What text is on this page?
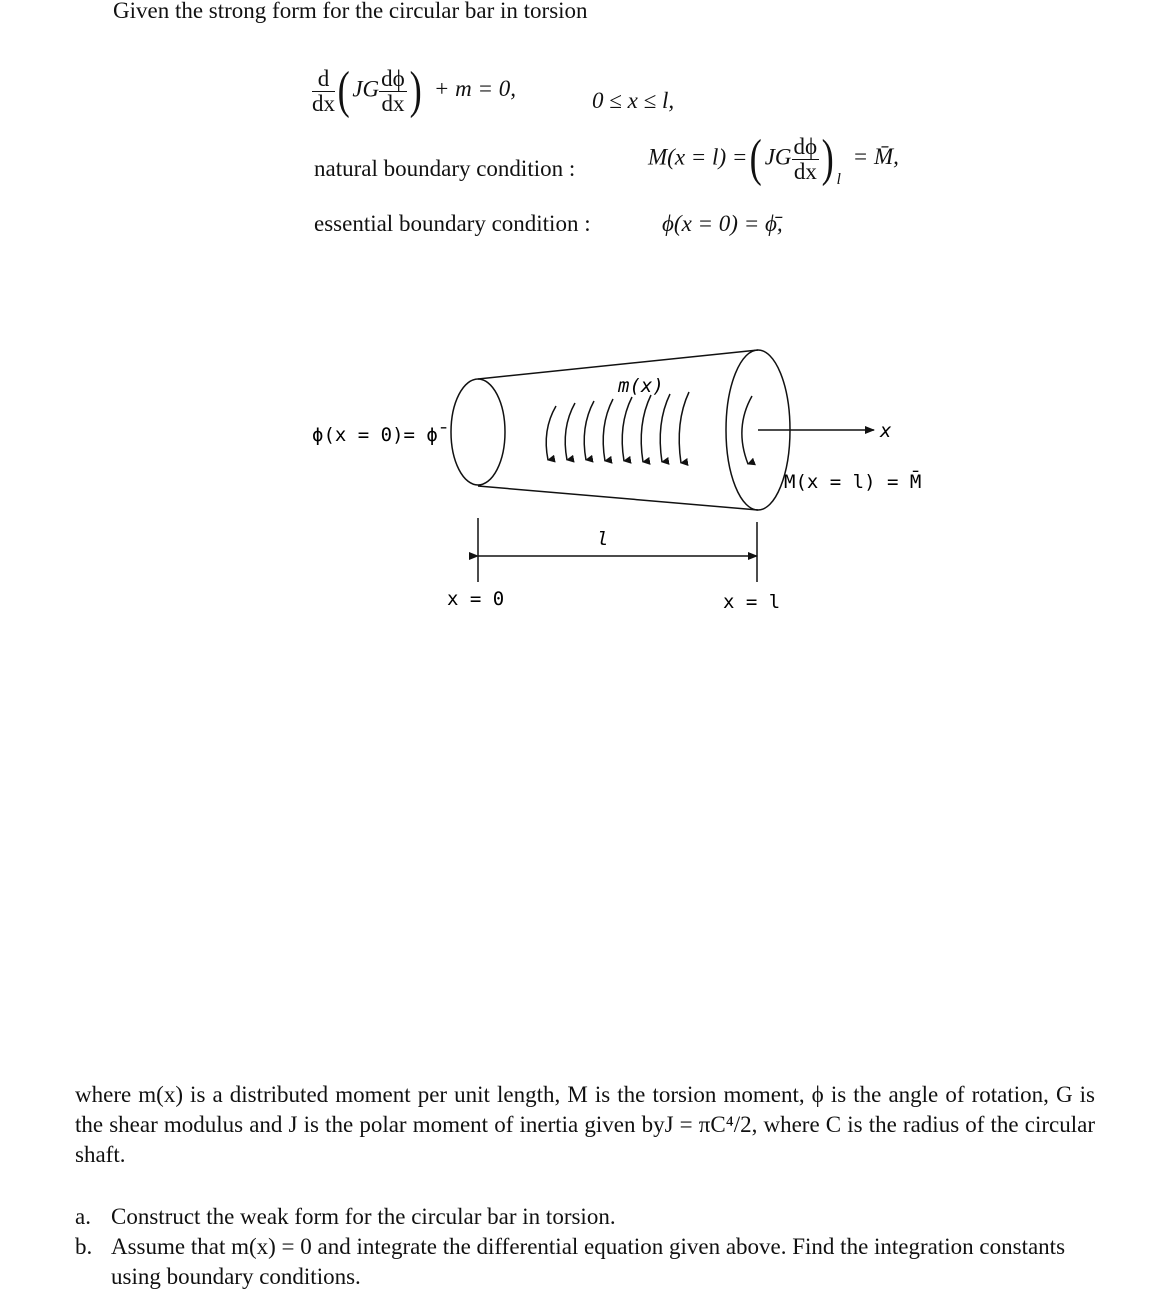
Given the strong form for the circular bar in torsion
$\frac{d}{dx}$ ( JG $\frac{d\phi}{dx}$ ) + m = 0,	0 ≤ x ≤ l,
natural boundary condition :	M(x = l) =( JG $\frac{d\phi}{dx}$ ) $_l$ = M̄,
essential boundary condition :	ϕ(x = 0) = ϕ̄,
ϕ(x = 0)= ϕ̄
m(x)
x
M(x = l) = M̄
l
x = 0	x = l
where m(x) is a distributed moment per unit length, M is the torsion moment, ϕ is the angle of rotation, G is the shear modulus and J is the polar moment of inertia given byJ = πC⁴/2, where C is the radius of the circular shaft.
a. Construct the weak form for the circular bar in torsion.
b. Assume that m(x) = 0 and integrate the differential equation given above. Find the integration constants using boundary conditions.
